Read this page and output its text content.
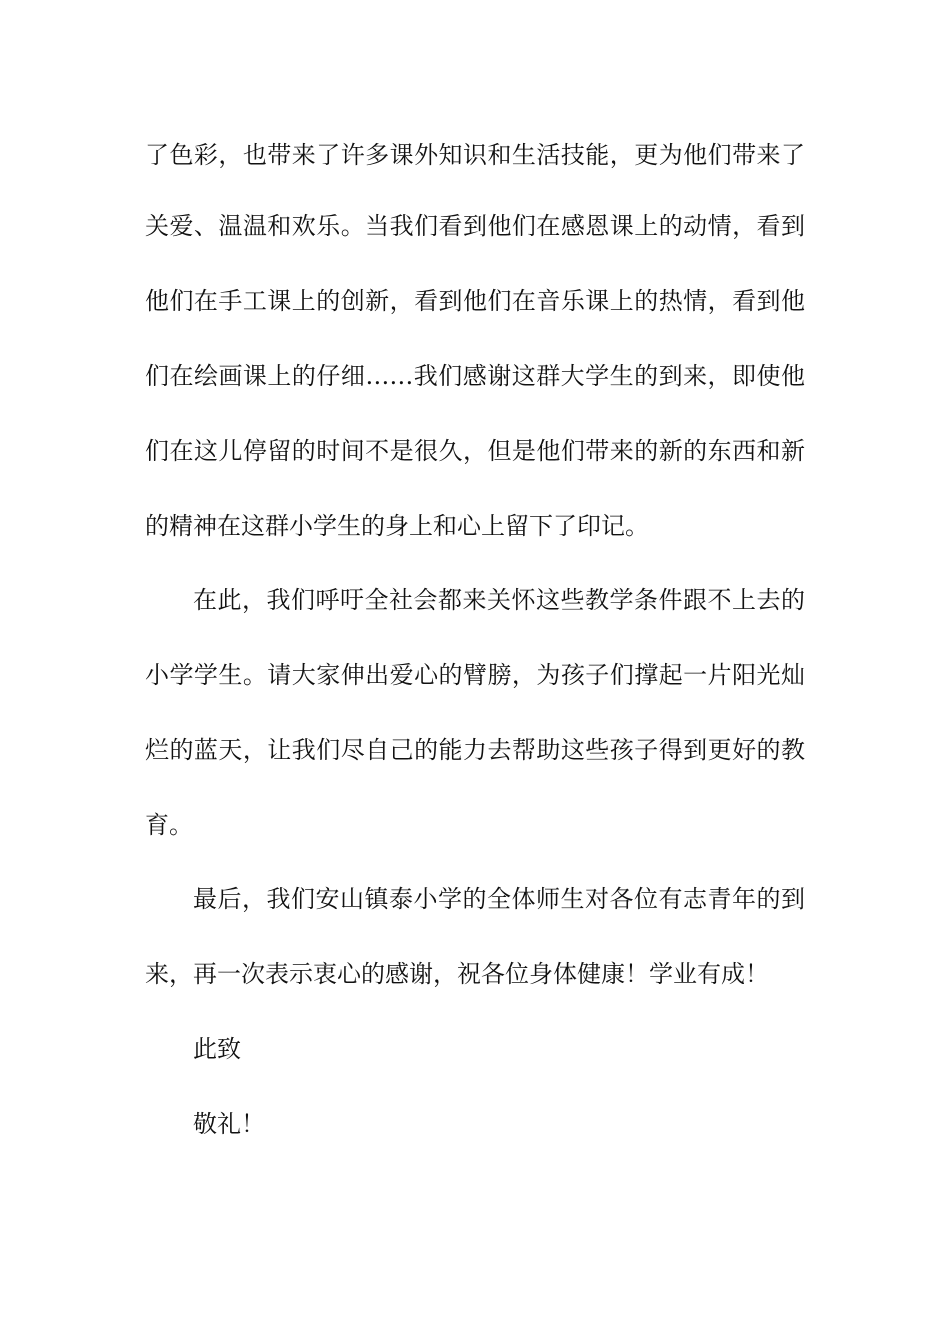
了色彩，也带来了许多课外知识和生活技能，更为他们带来了
关爱、温温和欢乐。当我们看到他们在感恩课上的动情，看到
他们在手工课上的创新，看到他们在音乐课上的热情，看到他
们在绘画课上的仔细……我们感谢这群大学生的到来，即使他
们在这儿停留的时间不是很久，但是他们带来的新的东西和新
的精神在这群小学生的身上和心上留下了印记。
在此，我们呼吁全社会都来关怀这些教学条件跟不上去的
小学学生。请大家伸出爱心的臂膀，为孩子们撑起一片阳光灿
烂的蓝天，让我们尽自己的能力去帮助这些孩子得到更好的教
育。
最后，我们安山镇泰小学的全体师生对各位有志青年的到
来，再一次表示衷心的感谢，祝各位身体健康！学业有成！
此致
敬礼！
